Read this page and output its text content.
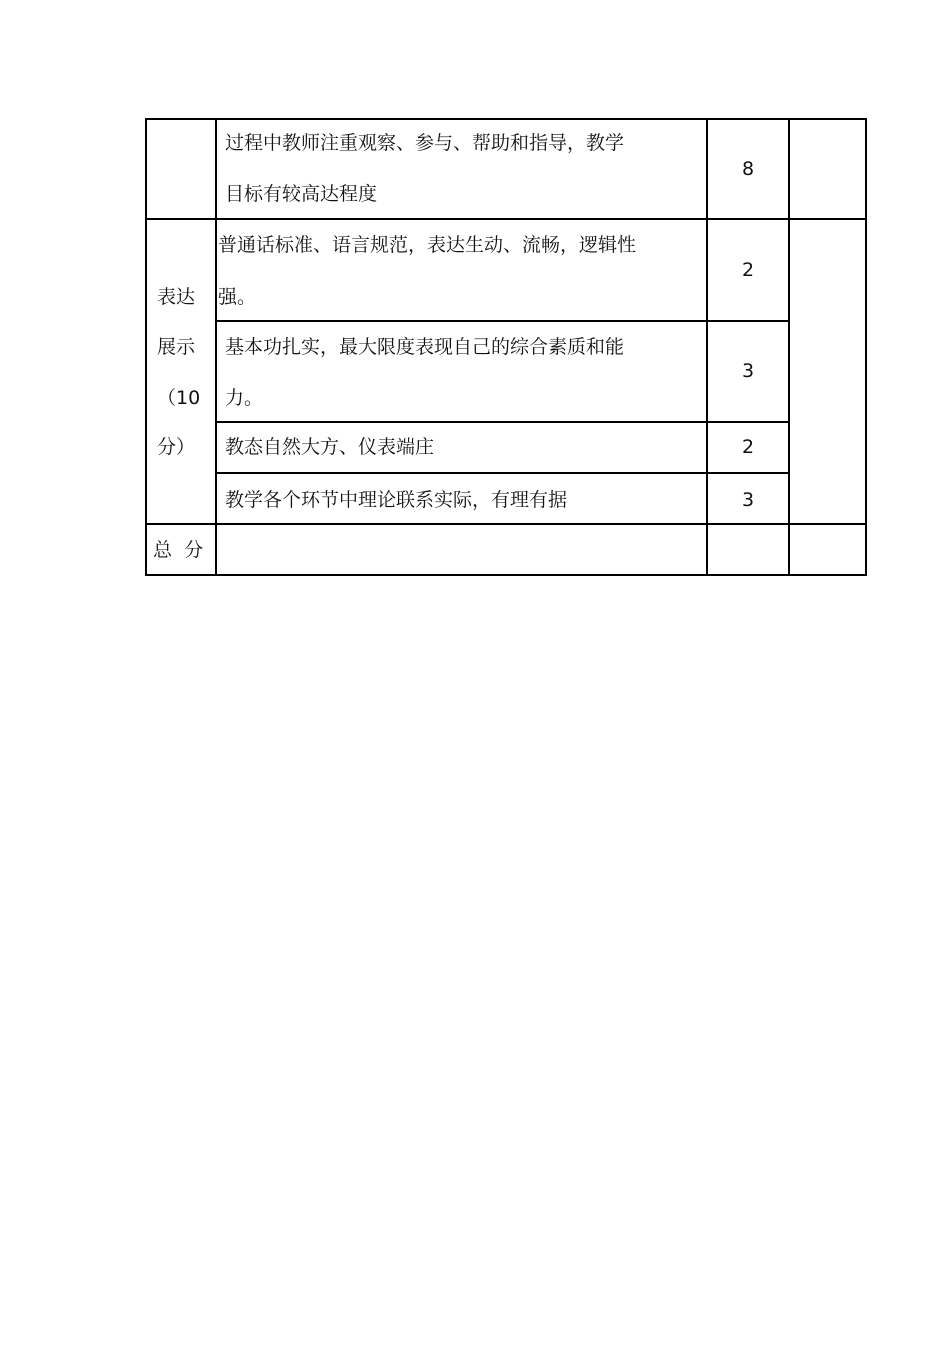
过程中教师注重观察、参与、帮助和指导，教学
目标有较高达程度
8
普通话标准、语言规范，表达生动、流畅，逻辑性
强。
2
基本功扎实，最大限度表现自己的综合素质和能
力。
3
教态自然大方、仪表端庄	2
教学各个环节中理论联系实际，有理有据	3
表达
展示
（10
分）
总  分
